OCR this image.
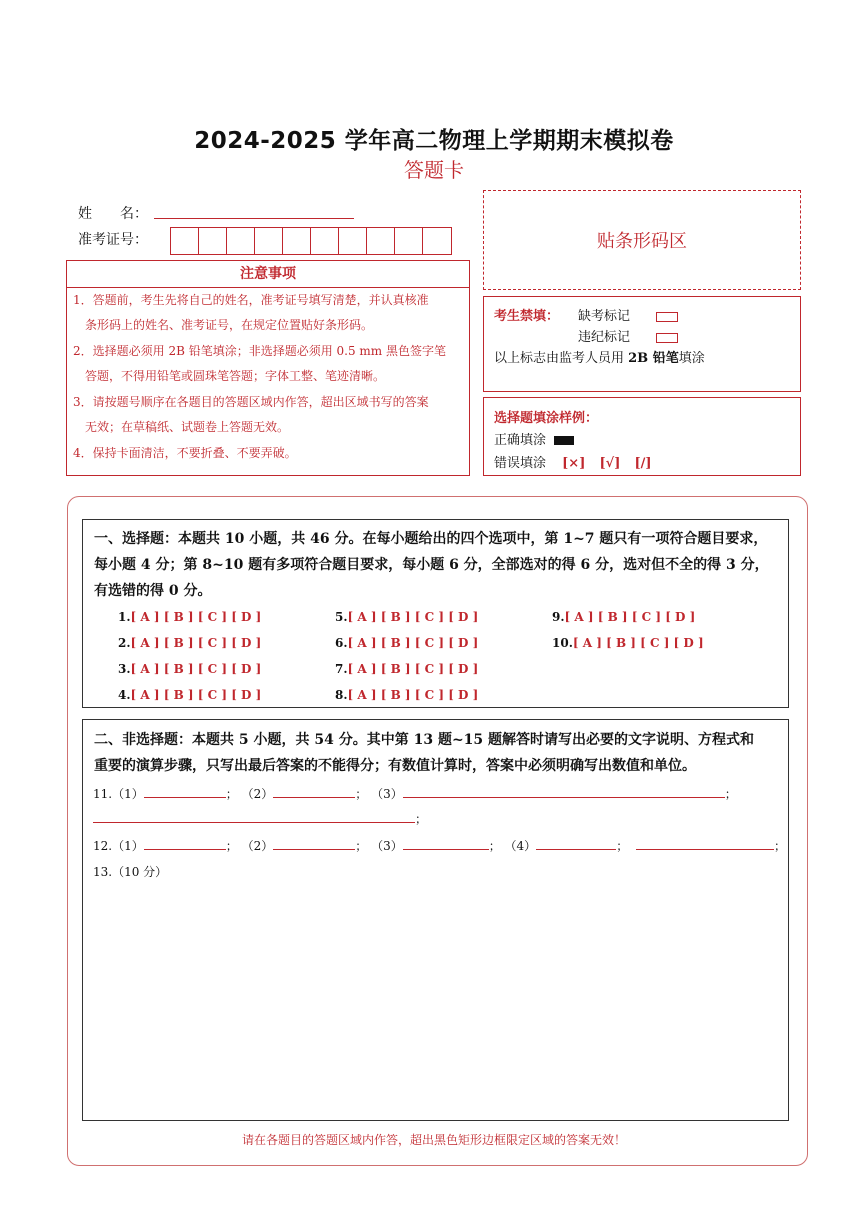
2024-2025 学年高二物理上学期期末模拟卷
答题卡
姓　　名：
准考证号：
注意事项
1．答题前，考生先将自己的姓名，准考证号填写清楚，并认真核准
　条形码上的姓名、准考证号，在规定位置贴好条形码。
2．选择题必须用 2B 铅笔填涂；非选择题必须用 0.5 mm 黑色签字笔
　答题，不得用铅笔或圆珠笔答题；字体工整、笔迹清晰。
3．请按题号顺序在各题目的答题区域内作答，超出区域书写的答案
　无效；在草稿纸、试题卷上答题无效。
4．保持卡面清洁，不要折叠、不要弄破。
贴条形码区
考生禁填： 缺考标记
违纪标记
以上标志由监考人员用 2B 铅笔填涂
选择题填涂样例：
正确填涂
错误填涂 [×] [√] [/]
一、选择题：本题共 10 小题，共 46 分。在每小题给出的四个选项中，第 1~7 题只有一项符合题目要求，
每小题 4 分；第 8~10 题有多项符合题目要求，每小题 6 分，全部选对的得 6 分，选对但不全的得 3 分，
有选错的得 0 分。
1.[ A ] [ B ] [ C ] [ D ]
2.[ A ] [ B ] [ C ] [ D ]
3.[ A ] [ B ] [ C ] [ D ]
4.[ A ] [ B ] [ C ] [ D ]
5.[ A ] [ B ] [ C ] [ D ]
6.[ A ] [ B ] [ C ] [ D ]
7.[ A ] [ B ] [ C ] [ D ]
8.[ A ] [ B ] [ C ] [ D ]
9.[ A ] [ B ] [ C ] [ D ]
10.[ A ] [ B ] [ C ] [ D ]
二、非选择题：本题共 5 小题，共 54 分。其中第 13 题~15 题解答时请写出必要的文字说明、方程式和
重要的演算步骤，只写出最后答案的不能得分；有数值计算时，答案中必须明确写出数值和单位。
11.（1）	； （2）	； （3）	；
；
12.（1）	； （2）	； （3）	； （4）	；	；
13.（10 分）
请在各题目的答题区域内作答，超出黑色矩形边框限定区域的答案无效！
